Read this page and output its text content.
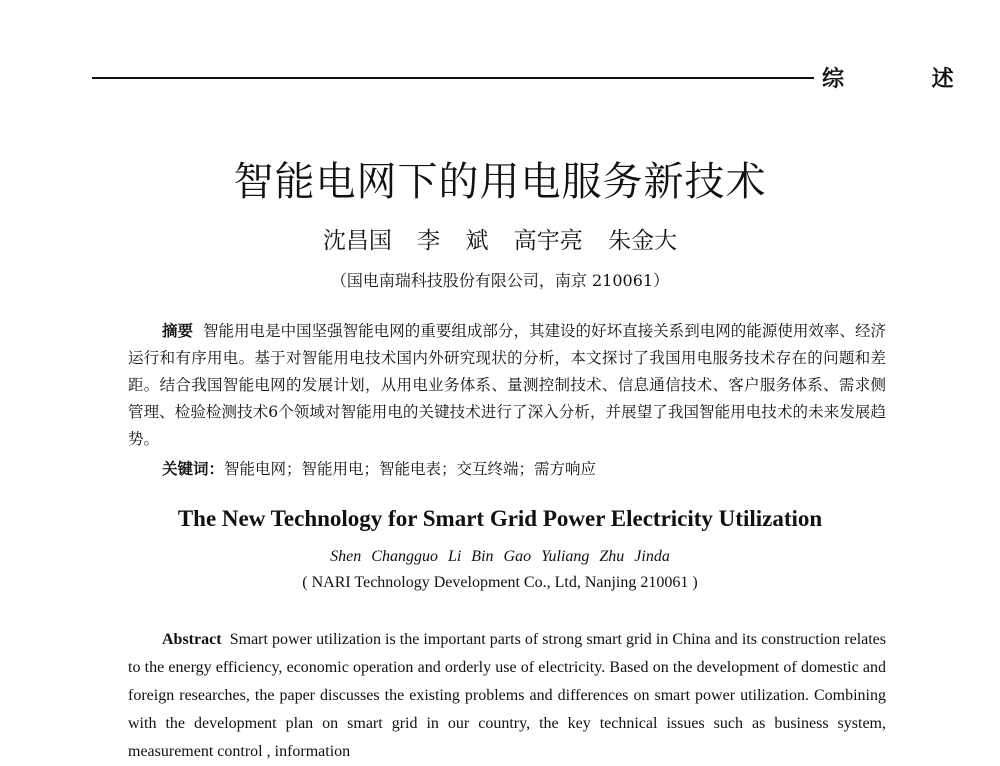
综 述
智能电网下的用电服务新技术
沈昌国 李 斌 高宇亮 朱金大
（国电南瑞科技股份有限公司，南京 210061）

摘要 智能用电是中国坚强智能电网的重要组成部分，其建设的好坏直接关系到电网的能源使用效率、经济运行和有序用电。基于对智能用电技术国内外研究现状的分析，本文探讨了我国用电服务技术存在的问题和差距。结合我国智能电网的发展计划，从用电业务体系、量测控制技术、信息通信技术、客户服务体系、需求侧管理、检验检测技术6个领域对智能用电的关键技术进行了深入分析，并展望了我国智能用电技术的未来发展趋势。

关键词：智能电网；智能用电；智能电表；交互终端；需方响应
The New Technology for Smart Grid Power Electricity Utilization
Shen Changguo Li Bin Gao Yuliang Zhu Jinda
( NARI Technology Development Co., Ltd, Nanjing 210061 )

Abstract Smart power utilization is the important parts of strong smart grid in China and its construction relates to the energy efficiency, economic operation and orderly use of electricity. Based on the development of domestic and foreign researches, the paper discusses the existing problems and differences on smart power utilization. Combining with the development plan on smart grid in our country, the key technical issues such as business system, measurement control , information
